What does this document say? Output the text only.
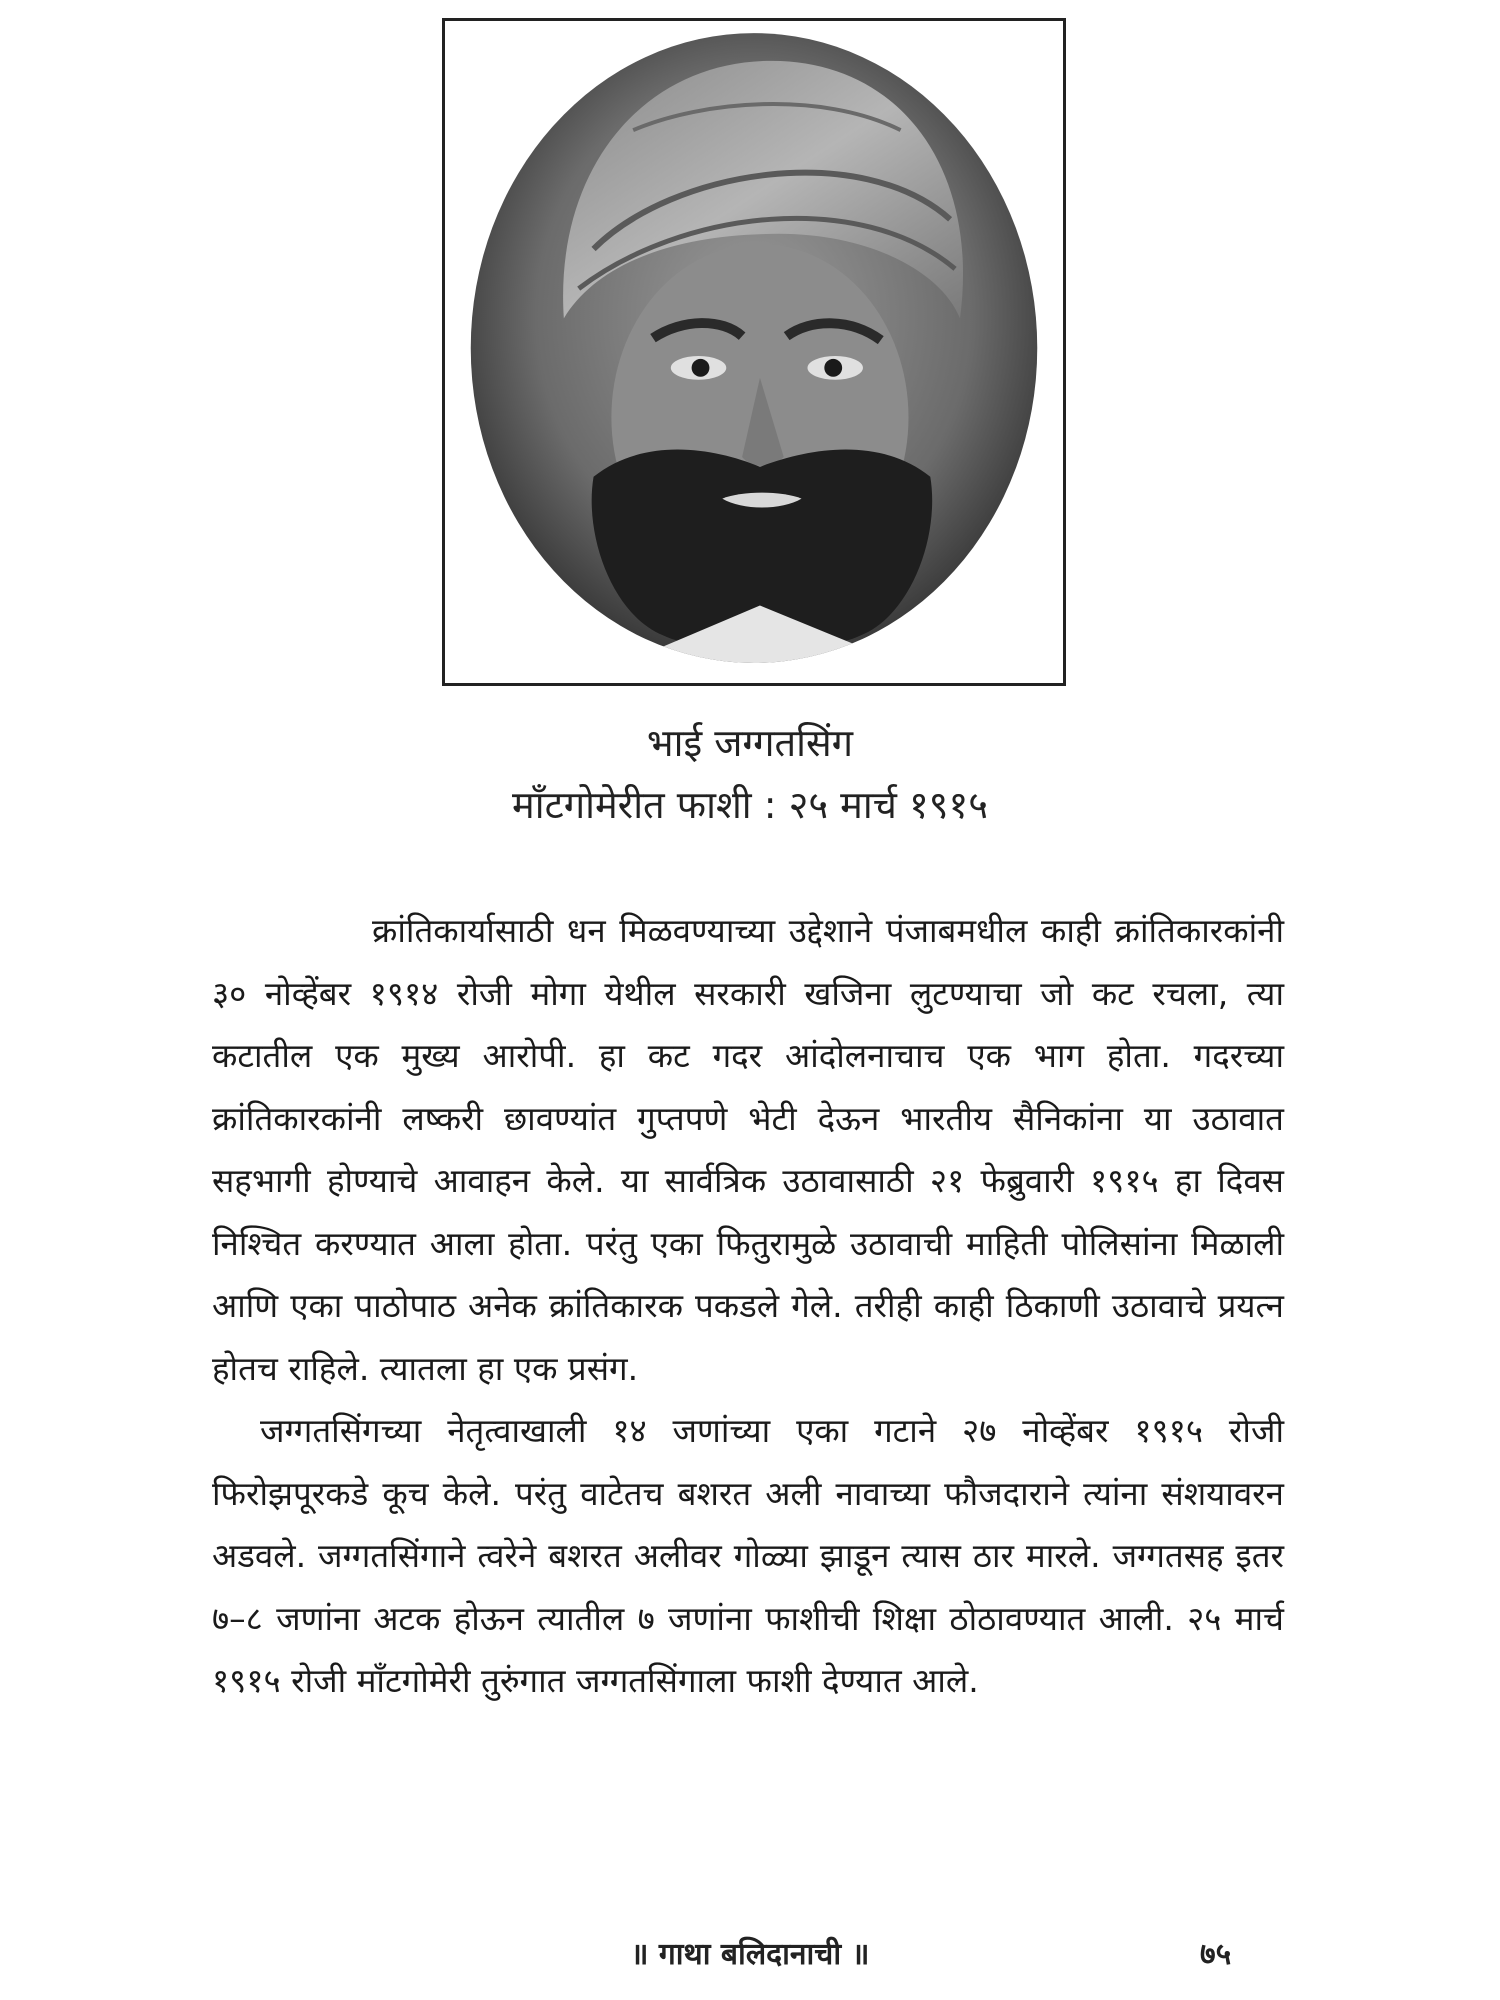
भाई जग्गतसिंग
माँटगोमेरीत फाशी : २५ मार्च १९१५

क्रांतिकार्यासाठी धन मिळवण्याच्या उद्देशाने पंजाबमधील काही क्रांतिकारकांनी ३० नोव्हेंबर १९१४ रोजी मोगा येथील सरकारी खजिना लुटण्याचा जो कट रचला, त्या कटातील एक मुख्य आरोपी. हा कट गदर आंदोलनाचाच एक भाग होता. गदरच्या क्रांतिकारकांनी लष्करी छावण्यांत गुप्तपणे भेटी देऊन भारतीय सैनिकांना या उठावात सहभागी होण्याचे आवाहन केले. या सार्वत्रिक उठावासाठी २१ फेब्रुवारी १९१५ हा दिवस निश्चित करण्यात आला होता. परंतु एका फितुरामुळे उठावाची माहिती पोलिसांना मिळाली आणि एका पाठोपाठ अनेक क्रांतिकारक पकडले गेले. तरीही काही ठिकाणी उठावाचे प्रयत्न होतच राहिले. त्यातला हा एक प्रसंग.

जग्गतसिंगच्या नेतृत्वाखाली १४ जणांच्या एका गटाने २७ नोव्हेंबर १९१५ रोजी फिरोझपूरकडे कूच केले. परंतु वाटेतच बशरत अली नावाच्या फौजदाराने त्यांना संशयावरन अडवले. जग्गतसिंगाने त्वरेने बशरत अलीवर गोळ्या झाडून त्यास ठार मारले. जग्गतसह इतर ७–८ जणांना अटक होऊन त्यातील ७ जणांना फाशीची शिक्षा ठोठावण्यात आली. २५ मार्च १९१५ रोजी माँटगोमेरी तुरुंगात जग्गतसिंगाला फाशी देण्यात आले.

॥ गाथा बलिदानाची ॥	७५
